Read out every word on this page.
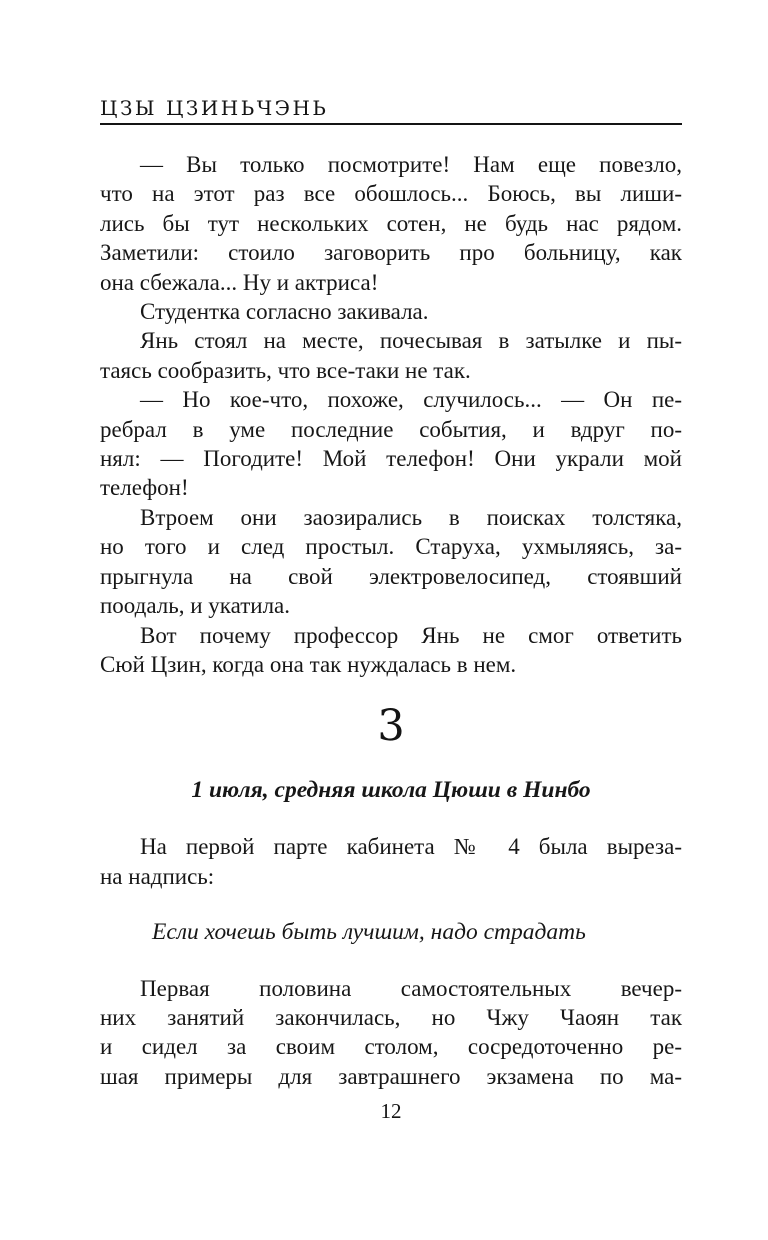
ЦЗЫ ЦЗИНЬЧЭНЬ
— Вы только посмотрите! Нам еще повезло,
что на этот раз все обошлось... Боюсь, вы лиши-
лись бы тут нескольких сотен, не будь нас рядом.
Заметили: стоило заговорить про больницу, как
она сбежала... Ну и актриса!
Студентка согласно закивала.
Янь стоял на месте, почесывая в затылке и пы-
таясь сообразить, что все-таки не так.
— Но кое-что, похоже, случилось... — Он пе-
ребрал в уме последние события, и вдруг по-
нял: — Погодите! Мой телефон! Они украли мой
телефон!
Втроем они заозирались в поисках толстяка,
но того и след простыл. Старуха, ухмыляясь, за-
прыгнула на свой электровелосипед, стоявший
поодаль, и укатила.
Вот почему профессор Янь не смог ответить
Сюй Цзин, когда она так нуждалась в нем.
3
1 июля, средняя школа Цюши в Нинбо
На первой парте кабинета № 4 была выреза-
на надпись:
Если хочешь быть лучшим, надо страдать
Первая половина самостоятельных вечер-
них занятий закончилась, но Чжу Чаоян так
и сидел за своим столом, сосредоточенно ре-
шая примеры для завтрашнего экзамена по ма-
12
